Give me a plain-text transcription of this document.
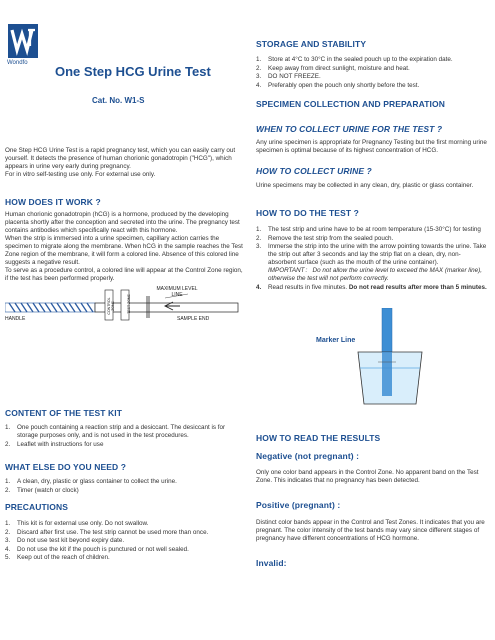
Wondfo
One Step HCG Urine Test
Cat. No. W1-S
One Step HCG Urine Test is a rapid pregnancy test, which you can easily carry out yourself. It detects the presence of human chorionic gonadotropin ("HCG"), which appears in urine very early during pregnancy.
For in vitro self-testing use only. For external use only.
HOW DOES IT WORK ?
Human chorionic gonadotropin (hCG) is a hormone, produced by the developing placenta shortly after the conception and secreted into the urine. The pregnancy test contains antibodies which specifically react with this hormone.
When the strip is immersed into a urine specimen, capillary action carries the specimen to migrate along the membrane. When hCG in the sample reaches the Test Zone region of the membrane, it will form a colored line. Absence of this colored line suggests a negative result.
To serve as a procedure control, a colored line will appear at the Control Zone region, if the test has been performed properly.
HANDLE
CONTROL ZONE	TEST ZONE
MAXIMUM LEVEL LINE
SAMPLE END
CONTENT OF THE TEST KIT
1. One pouch containing a reaction strip and a desiccant. The desiccant is for storage purposes only, and is not used in the test procedures.
2. Leaflet with instructions for use
WHAT ELSE DO YOU NEED ?
1. A clean, dry, plastic or glass container to collect the urine.
2. Timer (watch or clock)
PRECAUTIONS
1. This kit is for external use only. Do not swallow.
2. Discard after first use. The test strip cannot be used more than once.
3. Do not use test kit beyond expiry date.
4. Do not use the kit if the pouch is punctured or not well sealed.
5. Keep out of the reach of children.
STORAGE AND STABILITY
1. Store at 4°C to 30°C in the sealed pouch up to the expiration date.
2. Keep away from direct sunlight, moisture and heat.
3. DO NOT FREEZE.
4. Preferably open the pouch only shortly before the test.
SPECIMEN COLLECTION AND PREPARATION
WHEN TO COLLECT URINE FOR THE TEST ?
Any urine specimen is appropriate for Pregnancy Testing but the first morning urine specimen is optimal because of its highest concentration of HCG.
HOW TO COLLECT URINE ?
Urine specimens may be collected in any clean, dry, plastic or glass container.
HOW TO DO THE TEST ?
1. The test strip and urine have to be at room temperature (15-30°C) for testing
2. Remove the test strip from the sealed pouch.
3. Immerse the strip into the urine with the arrow pointing towards the urine. Take the strip out after 3 seconds and lay the strip flat on a clean, dry, non-absorbent surface (such as the mouth of the urine container).
IMPORTANT： Do not allow the urine level to exceed the MAX (marker line), otherwise the test will not perform correctly.
4. Read results in five minutes. Do not read results after more than 5 minutes.
Marker Line
HOW TO READ THE RESULTS
Negative (not pregnant) :
Only one color band appears in the Control Zone. No apparent band on the Test Zone. This indicates that no pregnancy has been detected.
Positive (pregnant) :
Distinct color bands appear in the Control and Test Zones. It indicates that you are pregnant. The color intensity of the test bands may vary since different stages of pregnancy have different concentrations of HCG hormone.
Invalid:
